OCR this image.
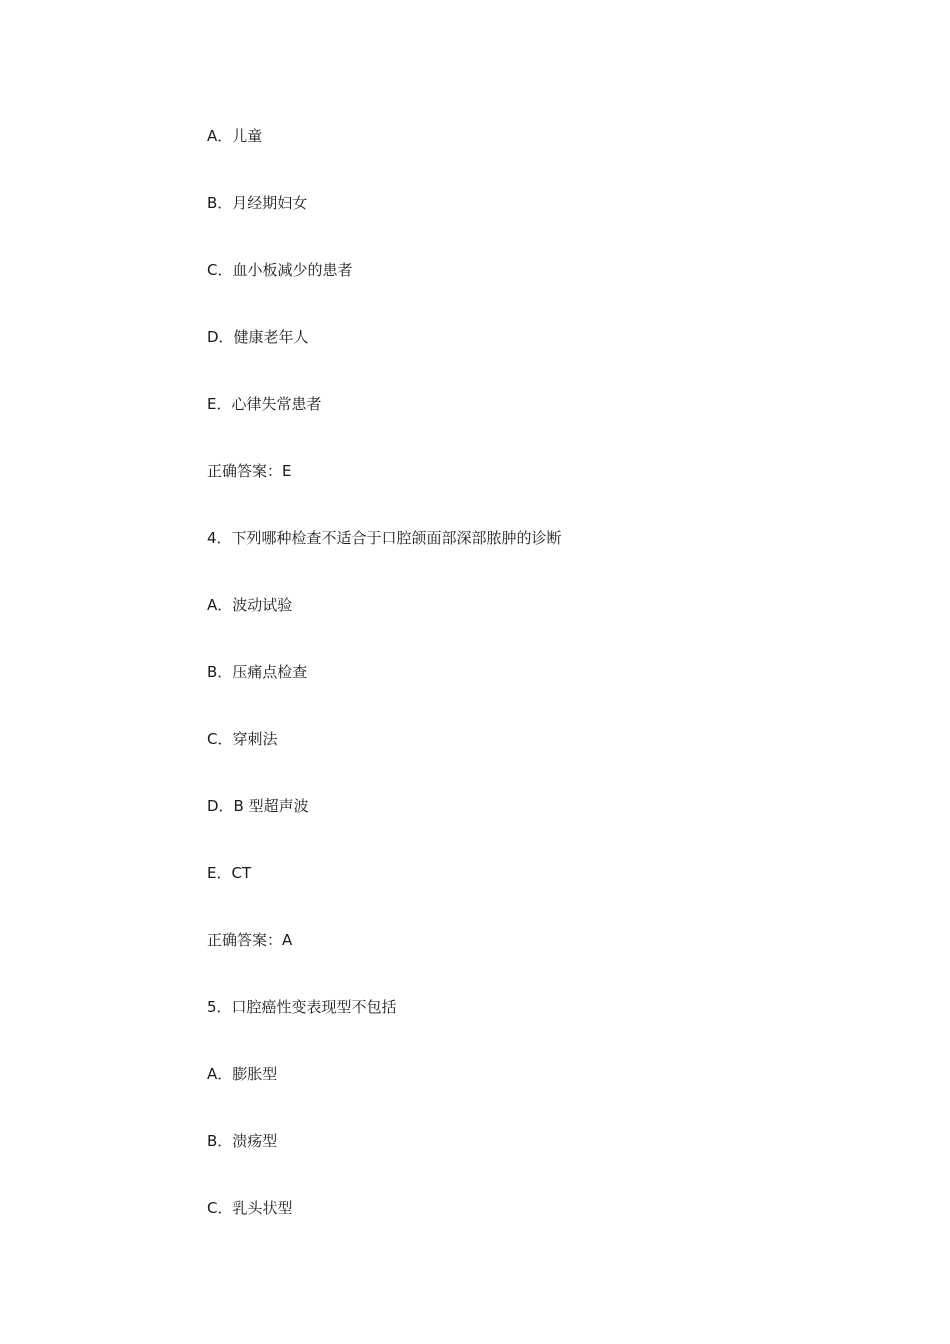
A．儿童
B．月经期妇女
C．血小板减少的患者
D．健康老年人
E．心律失常患者
正确答案：E
4．下列哪种检查不适合于口腔颌面部深部脓肿的诊断
A．波动试验
B．压痛点检查
C．穿刺法
D．B 型超声波
E．CT
正确答案：A
5．口腔癌性变表现型不包括
A．膨胀型
B．溃疡型
C．乳头状型
